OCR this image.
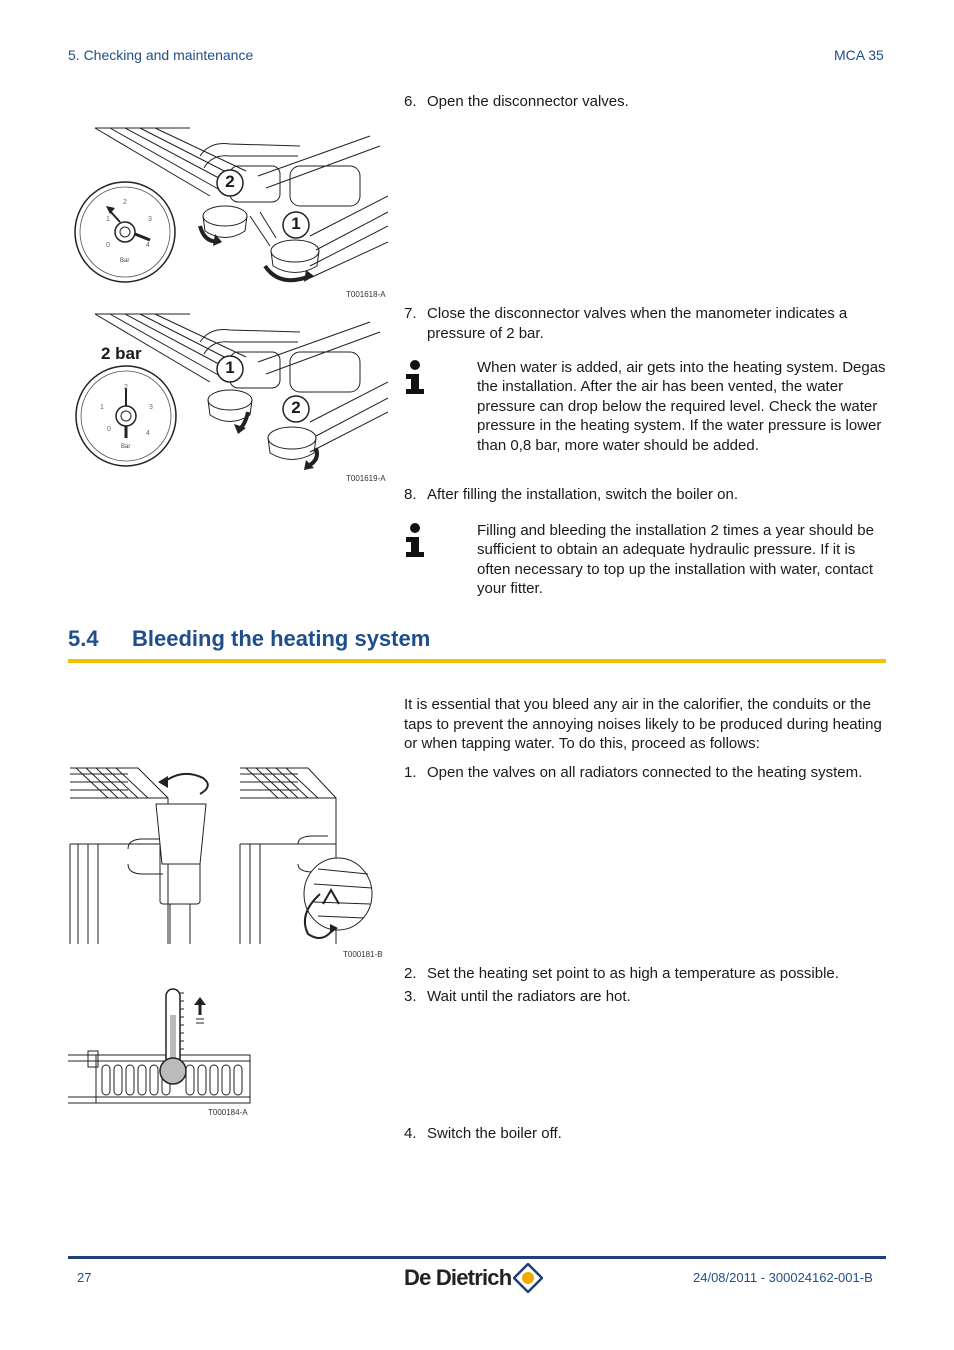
5. Checking and maintenance	MCA 35
2
1
0
1
2
3
4
Bar
T001618-A
1
2
2 bar
0
1
2
3
4
Bar
T001619-A
6. Open the disconnector valves.
7. Close the disconnector valves when the manometer indicates a pressure of 2 bar.
When water is added, air gets into the heating system. Degas the installation. After the air has been vented, the water pressure can drop below the required level. Check the water pressure in the heating system. If the water pressure is lower than 0,8 bar, more water should be added.
8. After filling the installation, switch the boiler on.
Filling and bleeding the installation 2 times a year should be sufficient to obtain an adequate hydraulic pressure. If it is often necessary to top up the installation with water, contact your fitter.
5.4 Bleeding the heating system
It is essential that you bleed any air in the calorifier, the conduits or the taps to prevent the annoying noises likely to be produced during heating or when tapping water. To do this, proceed as follows:
1. Open the valves on all radiators connected to the heating system.
T000181-B
2. Set the heating set point to as high a temperature as possible.
3. Wait until the radiators are hot.
T000184-A
4. Switch the boiler off.
27	De Dietrich	24/08/2011 - 300024162-001-B
